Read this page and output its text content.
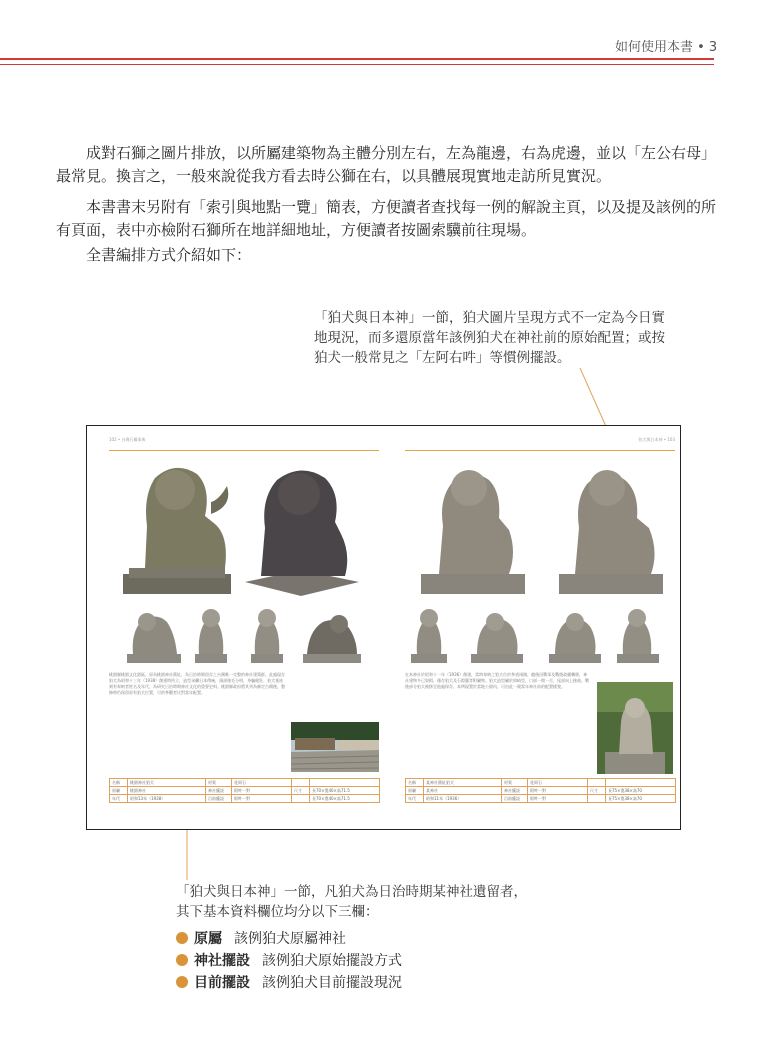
如何使用本書 • 3

　　成對石獅之圖片排放，以所屬建築物為主體分別左右，左為龍邊，右為虎邊，並以「左公右母」最常見。換言之，一般來說從我方看去時公獅在右，以具體展現實地走訪所見實況。

　　本書書末另附有「索引與地點一覽」簡表，方便讀者查找每一例的解說主頁，以及提及該例的所有頁面，表中亦檢附石獅所在地詳細地址，方便讀者按圖索驥前往現場。

　　全書編排方式介紹如下：

「狛犬與日本神」一節，狛犬圖片呈現方式不一定為今日實
地現況，而多還原當年該例狛犬在神社前的原始配置；或按
狛犬一般常見之「左阿右吽」等慣例擺設。
102 • 台灣石獅事典
桃園縣桃園文化園區，原為桃園神社舊址，為日治時期留存之台灣唯一完整的神社建築群。此處現存狛犬為昭和十三年（1938）創建時所立，造型承繼日本傳統，頭部捲毛分明，身軀健壯。狛犬基座刻有奉納者姓名及年代，為研究日治時期神社文化的重要史料。桃園縣政府將其列為縣定古蹟後，整修時仍保留原有狛犬位置，可供參觀者比對當年配置。
名稱	桃園神社狛犬	材質	花崗石		
原屬	桃園神社	神社擺設	阿吽一對	尺寸	長70×寬40×高71.5
年代	昭和13年（1938）	目前擺設	阿吽一對		長70×寬40×高71.5
狛犬與日本神 • 103
在本神社於昭和十一年（1936）創建，當時奉納之狛犬位於參道兩側，隨後因戰事及戰後政權轉移，神社建物多已毀損，僅存狛犬及石燈籠等附屬物。狛犬造型屬於岡崎型，口部一開一合，尾部向上捲曲。戰後部分狛犬被移至他處保存，本例現置於當地公園內，可由此一窺當年神社前的配置樣貌。
名稱	某神社舊址狛犬	材質	花崗石		
原屬	某神社	神社擺設	阿吽一對	尺寸	長75×寬38×高70
年代	昭和11年（1936）	目前擺設	阿吽一對		長75×寬38×高70
「狛犬與日本神」一節，凡狛犬為日治時期某神社遺留者，
其下基本資料欄位均分以下三欄：
原屬 該例狛犬原屬神社
神社擺設 該例狛犬原始擺設方式
目前擺設 該例狛犬目前擺設現況
